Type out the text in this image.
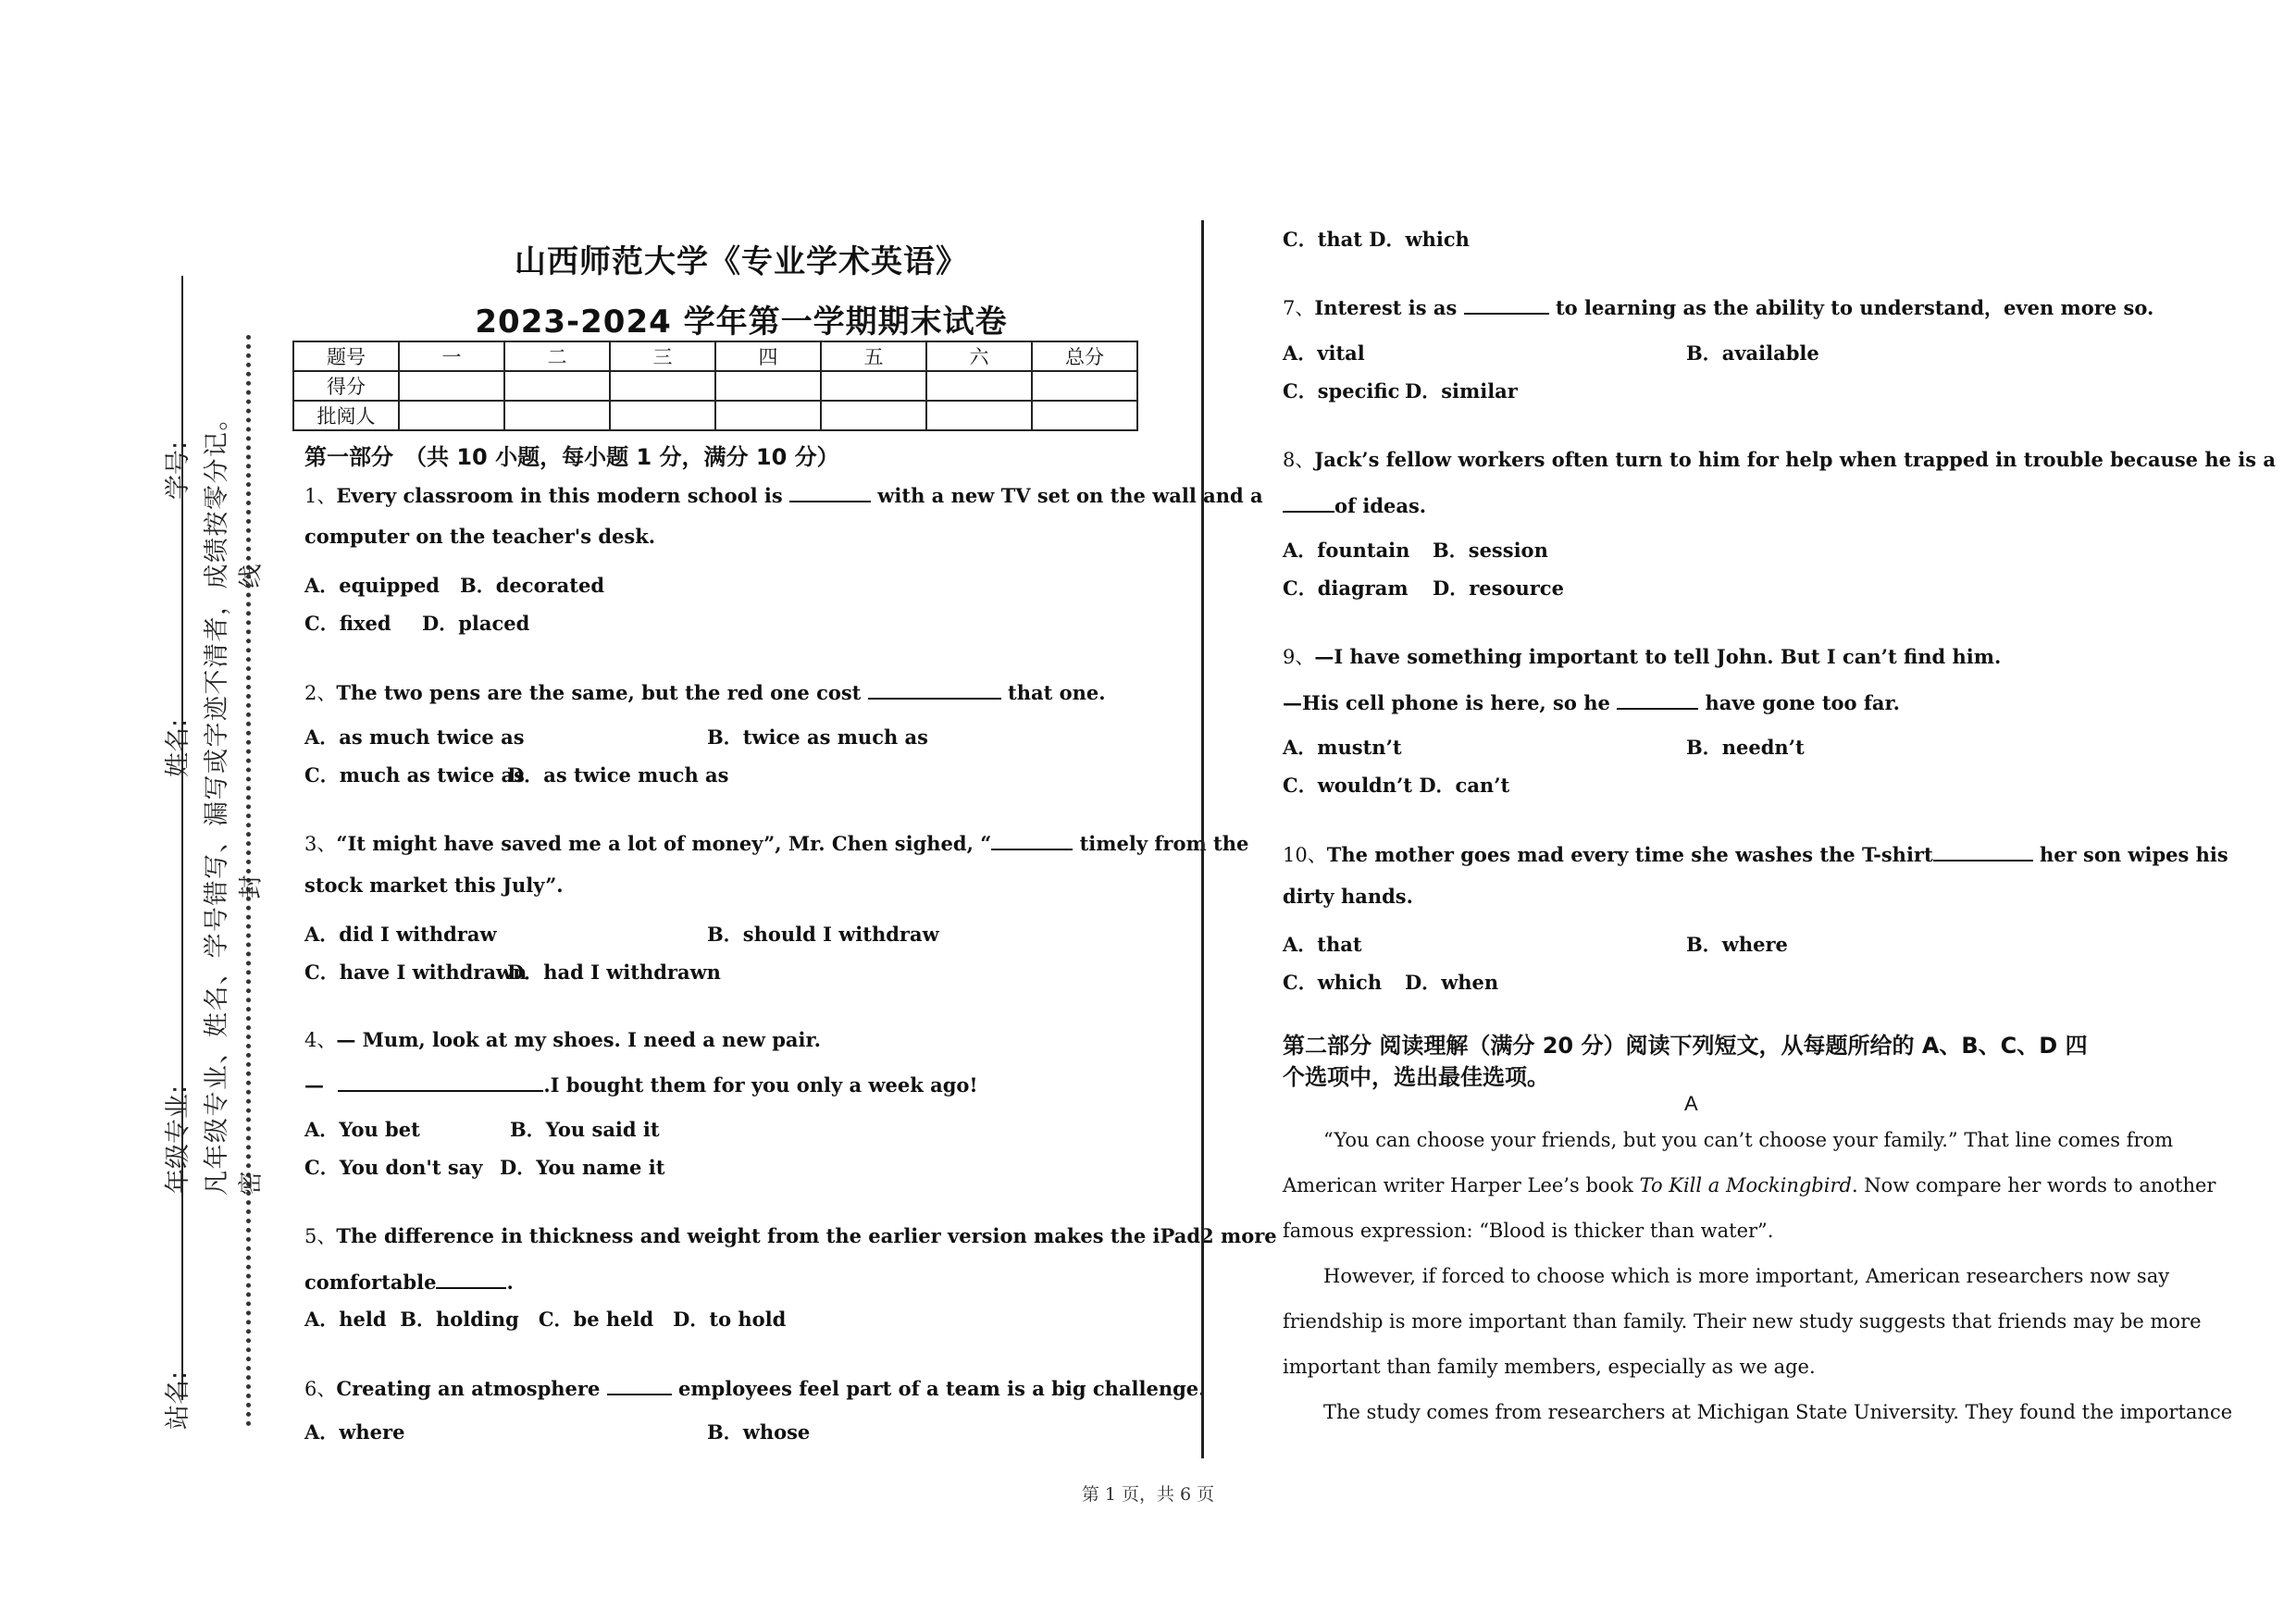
学号:
姓名:
年级专业:
站名:
凡年级专业、姓名、学号错写、漏写或字迹不清者，成绩按零分记。 线
封
密
山西师范大学《专业学术英语》
2023-2024 学年第一学期期末试卷
题号	一	二	三	四	五	六	总分
得分							
批阅人							
第一部分　（共 10 小题，每小题 1 分，满分 10 分）
1、Every classroom in this modern school is	with a new TV set on the wall and a
computer on the teacher's desk.
A．equipped B．decorated
C．fixed D．placed
2、The two pens are the same, but the red one cost	that one.
A．as much twice as	B．twice as much as
C．much as twice as
D．as twice much as
3、“It might have saved me a lot of money”, Mr. Chen sighed, “	timely from the
stock market this July”.
A．did I withdraw	B．should I withdraw
C．have I withdrawn
D．had I withdrawn
4、— Mum, look at my shoes. I need a new pair.
—	.I bought them for you only a week ago!
A．You bet	B．You said it
C．You don't say D．You name it
5、The difference in thickness and weight from the earlier version makes the iPad2 more
comfortable	.
A．held  B．holding　C．be held　D．to hold
6、Creating an atmosphere	employees feel part of a team is a big challenge.
A．where	B．whose
C．that D．which
7、Interest is as	to learning as the ability to understand，even more so.
A．vital	B．available
C．specific D．similar
8、Jack’s fellow workers often turn to him for help when trapped in trouble because he is a
of ideas.
A．fountain B．session
C．diagram D．resource
9、—I have something important to tell John. But I can’t find him.
—His cell phone is here, so he	have gone too far.
A．mustn’t	B．needn’t
C．wouldn’t D．can’t
10、The mother goes mad every time she washes the T-shirt	her son wipes his
dirty hands.
A．that	B．where
C．which D．when
第二部分 阅读理解（满分 20 分）阅读下列短文，从每题所给的 A、B、C、D 四
个选项中，选出最佳选项。
A
“You can choose your friends, but you can’t choose your family.” That line comes from
American writer Harper Lee’s book To Kill a Mockingbird. Now compare her words to another
famous expression: “Blood is thicker than water”.
However, if forced to choose which is more important, American researchers now say
friendship is more important than family. Their new study suggests that friends may be more
important than family members, especially as we age.
The study comes from researchers at Michigan State University. They found the importance
第 1 页，共 6 页
